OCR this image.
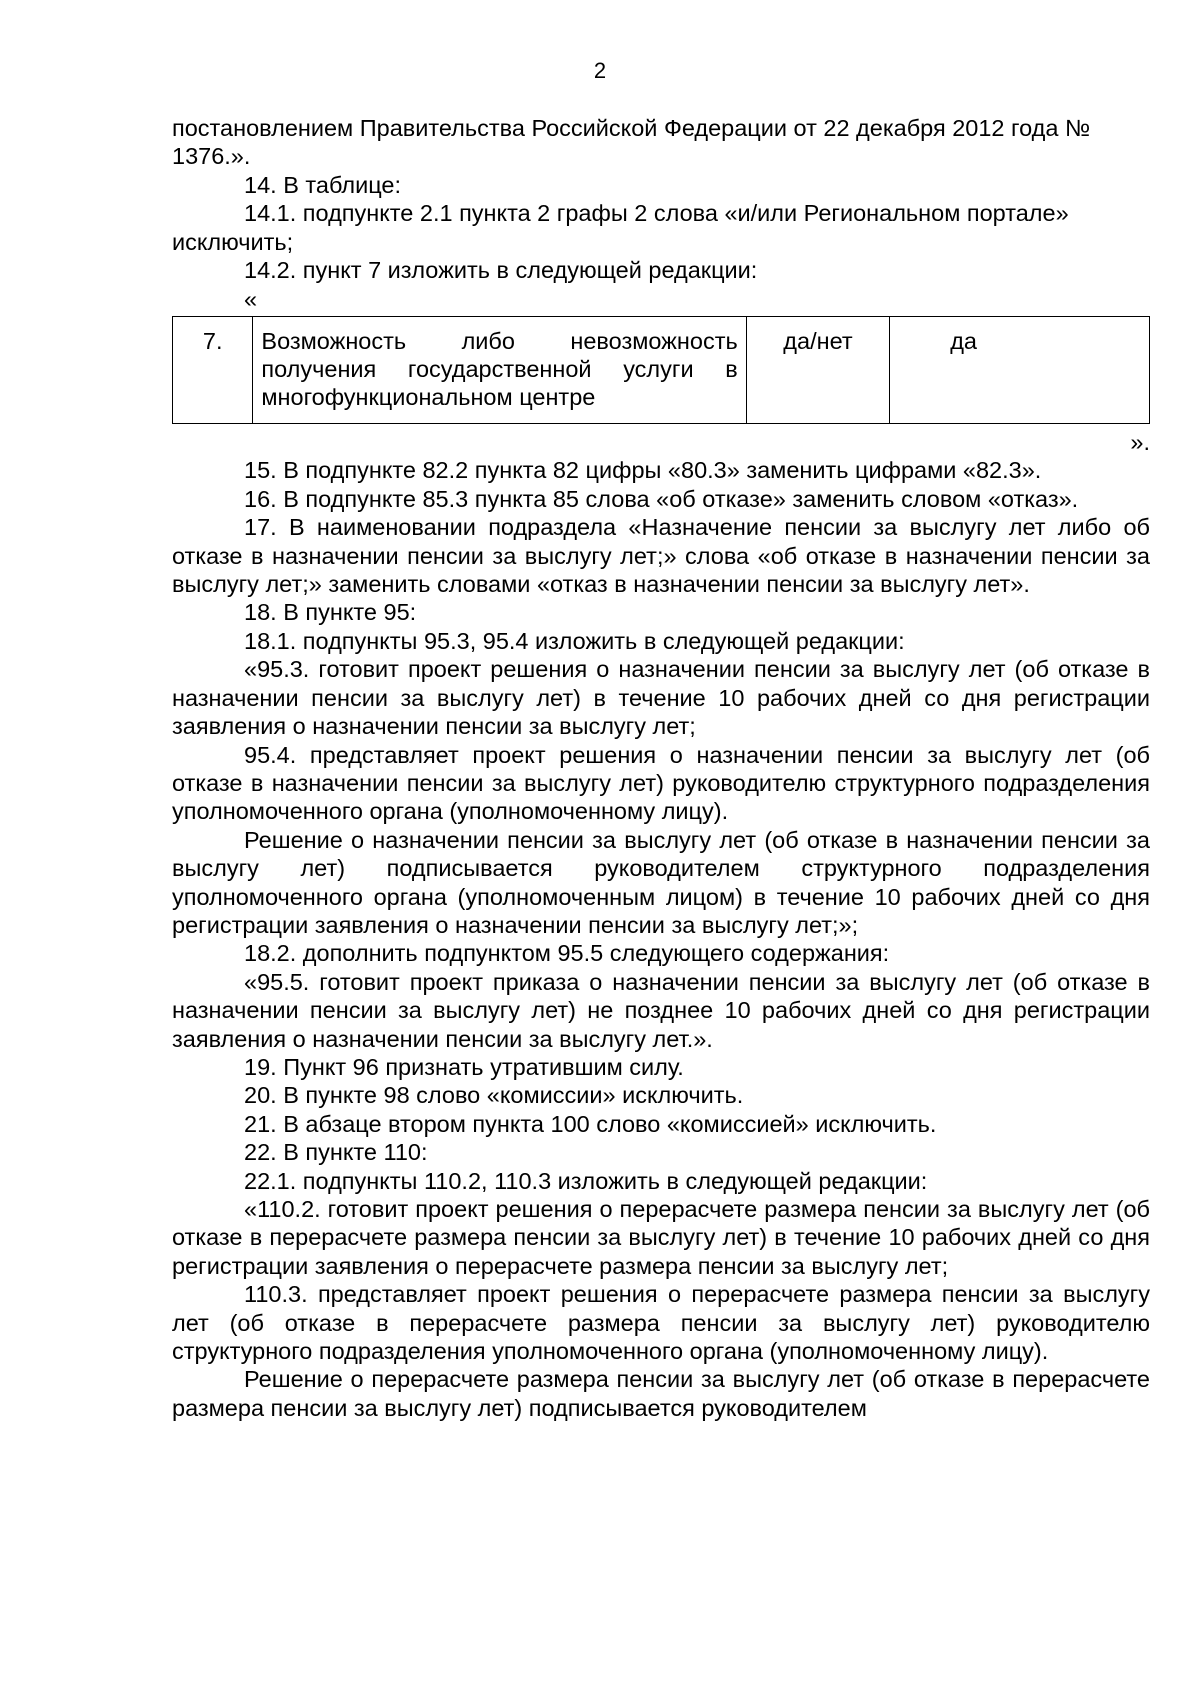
2

постановлением Правительства Российской Федерации от 22 декабря 2012 года № 1376.».

14. В таблице:

14.1. подпункте 2.1 пункта 2 графы 2 слова «и/или Региональном портале» исключить;

14.2. пункт 7 изложить в следующей редакции:

«
7.	Возможность либо невозможность получения государственной услуги в многофункциональном центре	да/нет	да
».

15. В подпункте 82.2 пункта 82 цифры «80.3» заменить цифрами «82.3».

16. В подпункте 85.3 пункта 85 слова «об отказе» заменить словом «отказ».

17. В наименовании подраздела «Назначение пенсии за выслугу лет либо об отказе в назначении пенсии за выслугу лет;» слова «об отказе в назначении пенсии за выслугу лет;» заменить словами «отказ в назначении пенсии за выслугу лет».

18. В пункте 95:

18.1. подпункты 95.3, 95.4 изложить в следующей редакции:

«95.3. готовит проект решения о назначении пенсии за выслугу лет (об отказе в назначении пенсии за выслугу лет) в течение 10 рабочих дней со дня регистрации заявления о назначении пенсии за выслугу лет;

95.4. представляет проект решения о назначении пенсии за выслугу лет (об отказе в назначении пенсии за выслугу лет) руководителю структурного подразделения уполномоченного органа (уполномоченному лицу).

Решение о назначении пенсии за выслугу лет (об отказе в назначении пенсии за выслугу лет) подписывается руководителем структурного подразделения уполномоченного органа (уполномоченным лицом) в течение 10 рабочих дней со дня регистрации заявления о назначении пенсии за выслугу лет;»;

18.2. дополнить подпунктом 95.5 следующего содержания:

«95.5. готовит проект приказа о назначении пенсии за выслугу лет (об отказе в назначении пенсии за выслугу лет) не позднее 10 рабочих дней со дня регистрации заявления о назначении пенсии за выслугу лет.».

19. Пункт 96 признать утратившим силу.

20. В пункте 98 слово «комиссии» исключить.

21. В абзаце втором пункта 100 слово «комиссией» исключить.

22. В пункте 110:

22.1. подпункты 110.2, 110.3 изложить в следующей редакции:

«110.2. готовит проект решения о перерасчете размера пенсии за выслугу лет (об отказе в перерасчете размера пенсии за выслугу лет) в течение 10 рабочих дней со дня регистрации заявления о перерасчете размера пенсии за выслугу лет;

110.3. представляет проект решения о перерасчете размера пенсии за выслугу лет (об отказе в перерасчете размера пенсии за выслугу лет) руководителю структурного подразделения уполномоченного органа (уполномоченному лицу).

Решение о перерасчете размера пенсии за выслугу лет (об отказе в перерасчете размера пенсии за выслугу лет) подписывается руководителем
